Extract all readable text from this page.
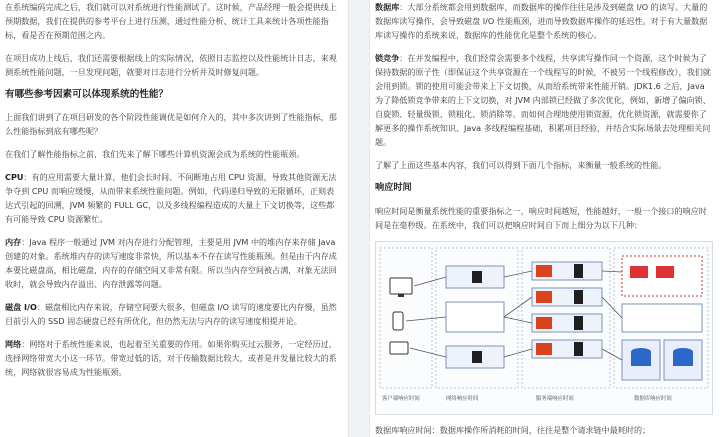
在系统编码完成之后，我们就可以对系统进行性能测试了。这时候，产品经理一般会提供线上预期数据，我们在提供的参考平台上进行压测，通过性能分析、统计工具来统计各项性能指标，看是否在预期范围之内。

在项目成功上线后，我们还需要根据线上的实际情况，依照日志监控以及性能统计日志，来观测系统性能问题，一旦发现问题，就要对日志进行分析并及时修复问题。

有哪些参考因素可以体现系统的性能？

上面我们讲到了在项目研发的各个阶段性能调优是如何介入的，其中多次讲到了性能指标，那么性能指标到底有哪些呢？

在我们了解性能指标之前，我们先来了解下哪些计算机资源会成为系统的性能瓶颈。

CPU：有的应用需要大量计算，他们会长时间、不间断地占用 CPU 资源，导致其他资源无法争夺到 CPU 而响应缓慢，从而带来系统性能问题。例如，代码递归导致的无限循环，正则表达式引起的回溯，JVM 频繁的 FULL GC，以及多线程编程造成的大量上下文切换等，这些都有可能导致 CPU 资源繁忙。

内存：Java 程序一般通过 JVM 对内存进行分配管理，主要是用 JVM 中的堆内存来存储 Java 创建的对象。系统堆内存的读写速度非常快，所以基本不存在读写性能瓶颈。但是由于内存成本要比磁盘高，相比磁盘，内存的存储空间又非常有限。所以当内存空间被占满，对象无法回收时，就会导致内存溢出、内存泄露等问题。

磁盘 I/O：磁盘相比内存来说，存储空间要大很多，但磁盘 I/O 读写的速度要比内存慢，虽然目前引入的 SSD 固态硬盘已经有所优化，但仍然无法与内存的读写速度相提并论。

网络：网络对于系统性能来说，也起着至关重要的作用。如果你购买过云服务，一定经历过，选择网络带宽大小这一环节。带宽过低的话，对于传输数据比较大，或者是并发量比较大的系统，网络就很容易成为性能瓶颈。

数据库：大部分系统都会用到数据库，而数据库的操作往往是涉及到磁盘 I/O 的读写。大量的数据库读写操作，会导致磁盘 I/O 性能瓶颈，进而导致数据库操作的延迟性。对于有大量数据库读写操作的系统来说，数据库的性能优化是整个系统的核心。

锁竞争：在并发编程中，我们经常会需要多个线程，共享读写操作同一个资源，这个时候为了保持数据的原子性（即保证这个共享资源在一个线程写的时候，不被另一个线程修改），我们就会用到锁。锁的使用可能会带来上下文切换，从而给系统带来性能开销。JDK1.6 之后，Java 为了降低锁竞争带来的上下文切换，对 JVM 内部锁已经做了多次优化，例如，新增了偏向锁、自旋锁、轻量级锁、锁粗化、锁消除等。而如何合理地使用锁资源，优化锁资源，就需要你了解更多的操作系统知识、Java 多线程编程基础，积累项目经验，并结合实际场景去处理相关问题。

了解了上面这些基本内容，我们可以得到下面几个指标，来衡量一般系统的性能。

响应时间

响应时间是衡量系统性能的重要指标之一，响应时间越短，性能越好，一般一个接口的响应时间是在毫秒级。在系统中，我们可以把响应时间自下而上细分为以下几种：

客户端响应时间	网络响应时间	服务端响应时间	数据库响应时间

数据库响应时间：数据库操作所消耗的时间，往往是整个请求链中最耗时的；
